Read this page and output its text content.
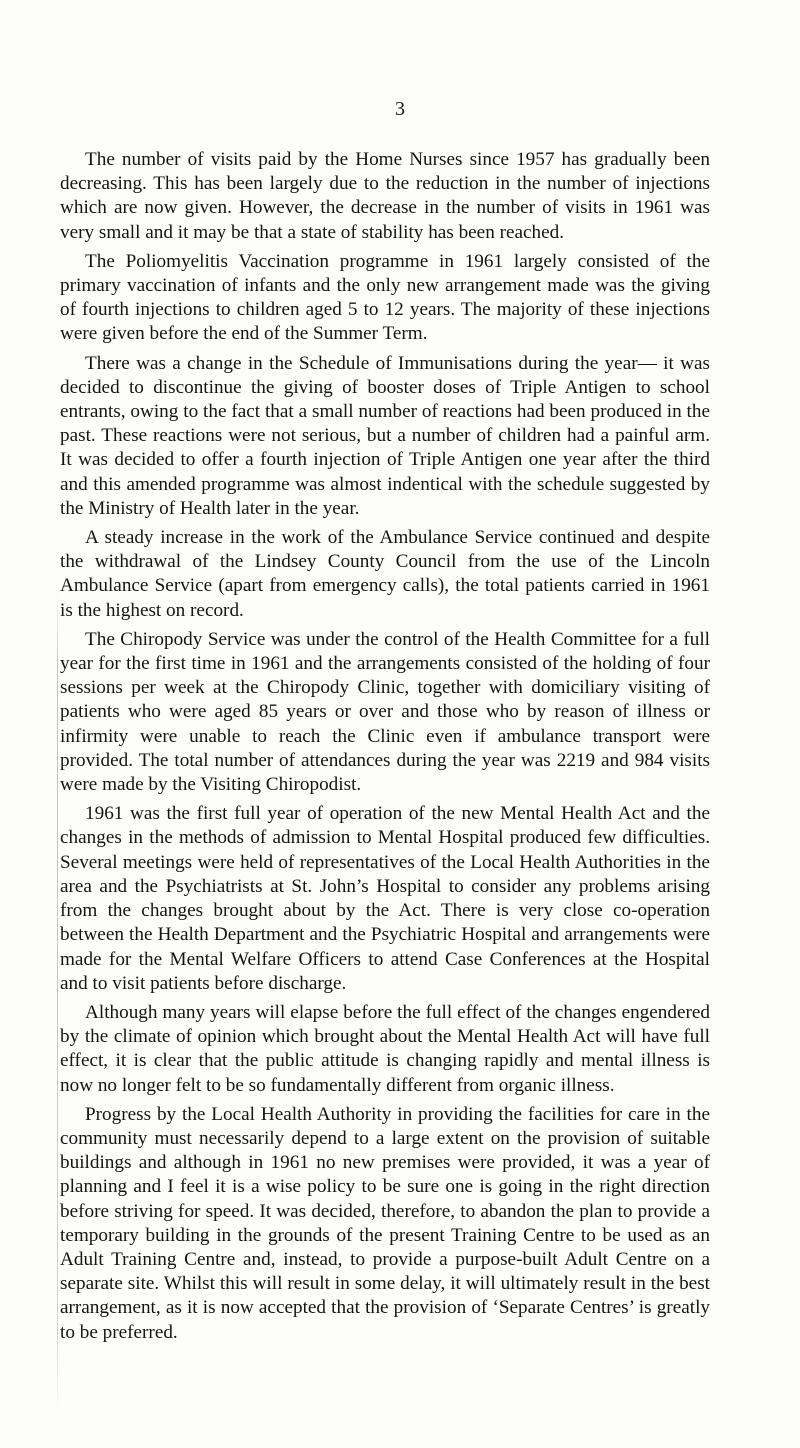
3

The number of visits paid by the Home Nurses since 1957 has gradually been decreasing. This has been largely due to the reduction in the number of injections which are now given. However, the decrease in the number of visits in 1961 was very small and it may be that a state of stability has been reached.

The Poliomyelitis Vaccination programme in 1961 largely consisted of the primary vaccination of infants and the only new arrangement made was the giving of fourth injections to children aged 5 to 12 years. The majority of these injections were given before the end of the Summer Term.

There was a change in the Schedule of Immunisations during the year— it was decided to discontinue the giving of booster doses of Triple Antigen to school entrants, owing to the fact that a small number of reactions had been produced in the past. These reactions were not serious, but a number of children had a painful arm. It was decided to offer a fourth injection of Triple Antigen one year after the third and this amended programme was almost indentical with the schedule suggested by the Ministry of Health later in the year.

A steady increase in the work of the Ambulance Service continued and despite the withdrawal of the Lindsey County Council from the use of the Lincoln Ambulance Service (apart from emergency calls), the total patients carried in 1961 is the highest on record.

The Chiropody Service was under the control of the Health Committee for a full year for the first time in 1961 and the arrangements consisted of the holding of four sessions per week at the Chiropody Clinic, together with domiciliary visiting of patients who were aged 85 years or over and those who by reason of illness or infirmity were unable to reach the Clinic even if ambulance transport were provided. The total number of attendances during the year was 2219 and 984 visits were made by the Visiting Chiropodist.

1961 was the first full year of operation of the new Mental Health Act and the changes in the methods of admission to Mental Hospital produced few difficulties. Several meetings were held of representatives of the Local Health Authorities in the area and the Psychiatrists at St. John’s Hospital to consider any problems arising from the changes brought about by the Act. There is very close co-operation between the Health Department and the Psychiatric Hospital and arrangements were made for the Mental Welfare Officers to attend Case Conferences at the Hospital and to visit patients before discharge.

Although many years will elapse before the full effect of the changes engendered by the climate of opinion which brought about the Mental Health Act will have full effect, it is clear that the public attitude is changing rapidly and mental illness is now no longer felt to be so fundamentally different from organic illness.

Progress by the Local Health Authority in providing the facilities for care in the community must necessarily depend to a large extent on the provision of suitable buildings and although in 1961 no new premises were provided, it was a year of planning and I feel it is a wise policy to be sure one is going in the right direction before striving for speed. It was decided, therefore, to abandon the plan to provide a temporary building in the grounds of the present Training Centre to be used as an Adult Training Centre and, instead, to provide a purpose-built Adult Centre on a separate site. Whilst this will result in some delay, it will ultimately result in the best arrangement, as it is now accepted that the provision of ‘Separate Centres’ is greatly to be preferred.
